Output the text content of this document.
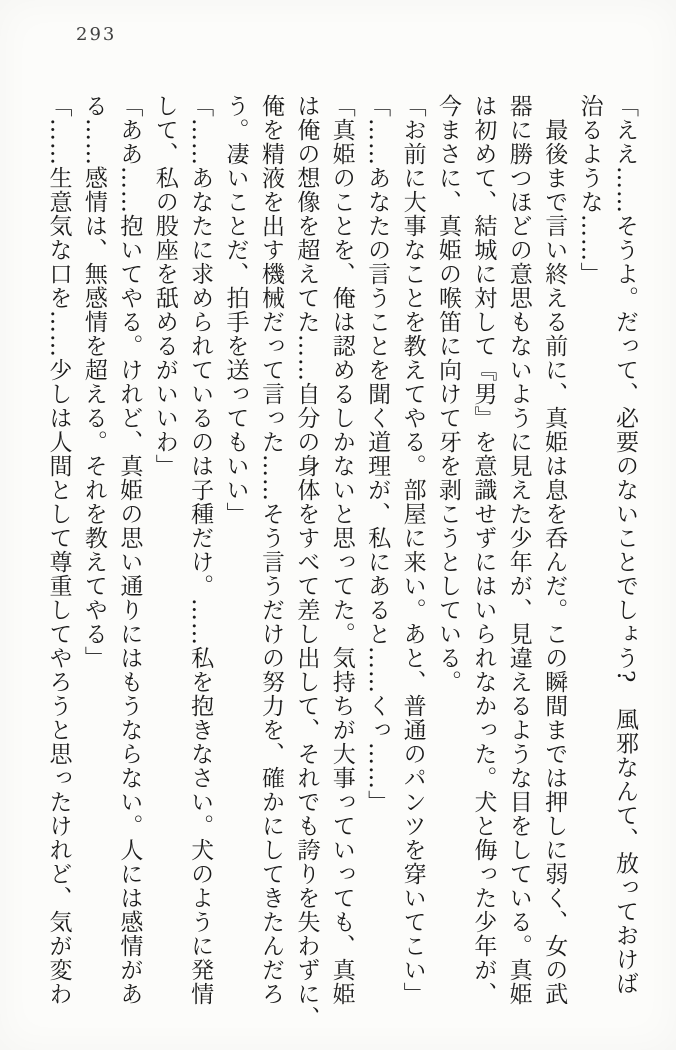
293
「ええ……そうよ。だって、必要のないことでしょう?　風邪なんて、放っておけば
治るような……」
　最後まで言い終える前に、真姫は息を呑んだ。この瞬間までは押しに弱く、女の武
器に勝つほどの意思もないように見えた少年が、見違えるような目をしている。真姫
は初めて、結城に対して『男』を意識せずにはいられなかった。犬と侮った少年が、
今まさに、真姫の喉笛に向けて牙を剥こうとしている。
「お前に大事なことを教えてやる。部屋に来い。あと、普通のパンツを穿いてこい」
「……あなたの言うことを聞く道理が、私にあると……くっ……」
「真姫のことを、俺は認めるしかないと思ってた。気持ちが大事っていっても、真姫
は俺の想像を超えてた……自分の身体をすべて差し出して、それでも誇りを失わずに、
俺を精液を出す機械だって言った……そう言うだけの努力を、確かにしてきたんだろ
う。凄いことだ、拍手を送ってもいい」
「……あなたに求められているのは子種だけ。……私を抱きなさい。犬のように発情
して、私の股座を舐めるがいいわ」
「ああ……抱いてやる。けれど、真姫の思い通りにはもうならない。人には感情があ
る……感情は、無感情を超える。それを教えてやる」
「……生意気な口を……少しは人間として尊重してやろうと思ったけれど、気が変わ
